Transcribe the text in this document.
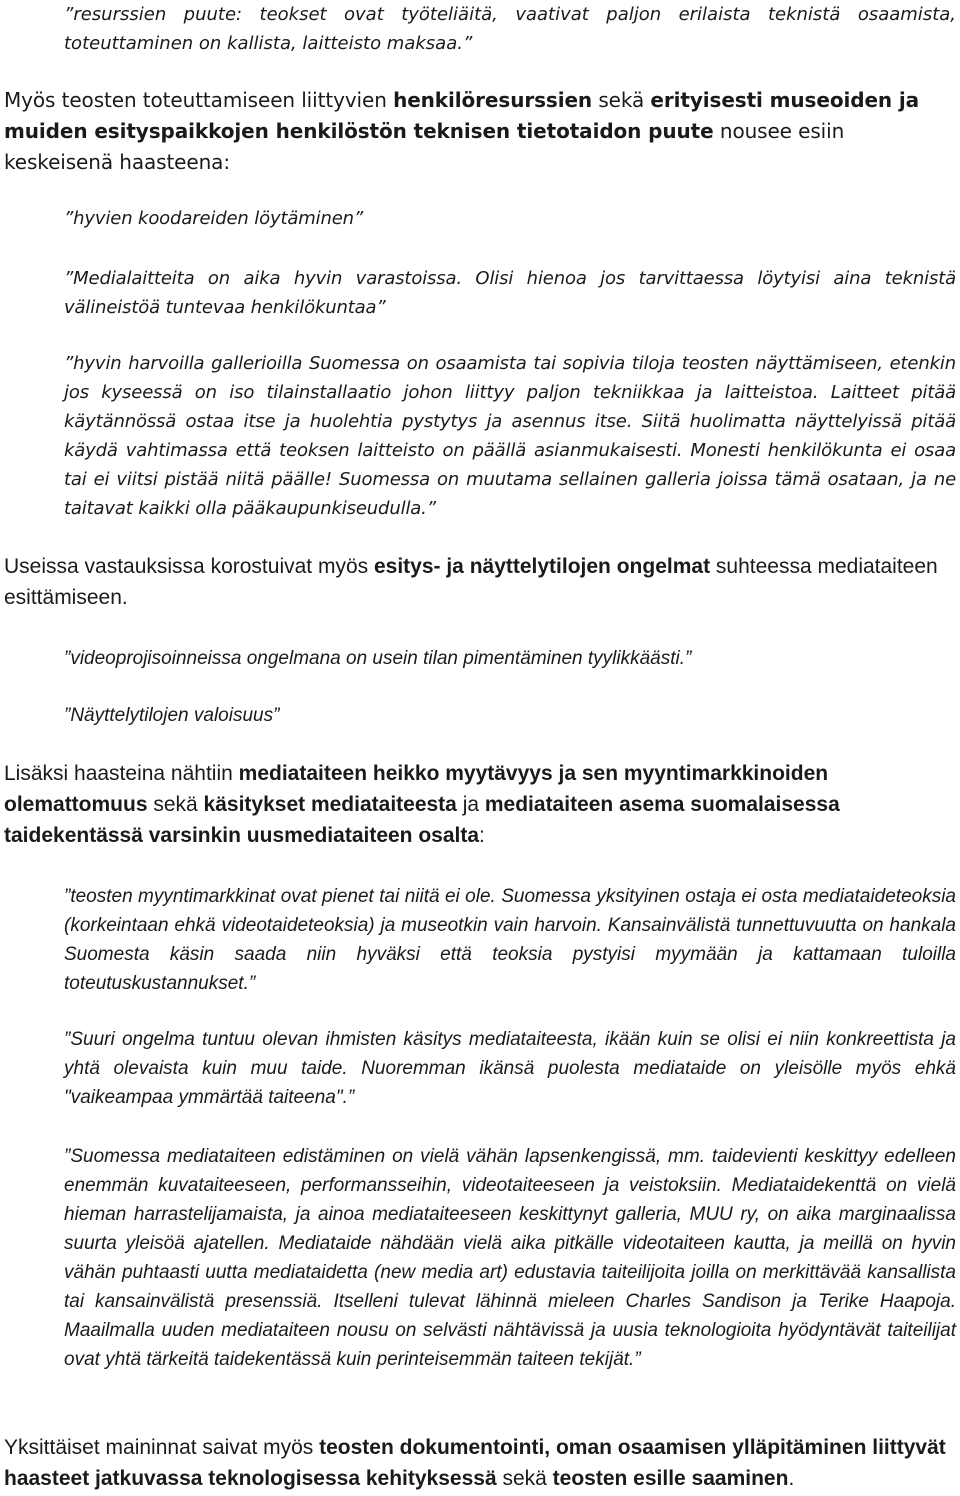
”resurssien puute: teokset ovat työteliäitä, vaativat paljon erilaista teknistä osaamista, toteuttaminen on kallista, laitteisto maksaa.”

Myös teosten toteuttamiseen liittyvien henkilöresurssien sekä erityisesti museoiden ja muiden esityspaikkojen henkilöstön teknisen tietotaidon puute nousee esiin keskeisenä haasteena:

”hyvien koodareiden löytäminen”

”Medialaitteita on aika hyvin varastoissa. Olisi hienoa jos tarvittaessa löytyisi aina teknistä välineistöä tuntevaa henkilökuntaa”

”hyvin harvoilla gallerioilla Suomessa on osaamista tai sopivia tiloja teosten näyttämiseen, etenkin jos kyseessä on iso tilainstallaatio johon liittyy paljon tekniikkaa ja laitteistoa. Laitteet pitää käytännössä ostaa itse ja huolehtia pystytys ja asennus itse. Siitä huolimatta näyttelyissä pitää käydä vahtimassa että teoksen laitteisto on päällä asianmukaisesti. Monesti henkilökunta ei osaa tai ei viitsi pistää niitä päälle! Suomessa on muutama sellainen galleria joissa tämä osataan, ja ne taitavat kaikki olla pääkaupunkiseudulla.”

Useissa vastauksissa korostuivat myös esitys- ja näyttelytilojen ongelmat suhteessa mediataiteen esittämiseen.

”videoprojisoinneissa ongelmana on usein tilan pimentäminen tyylikkäästi.”

”Näyttelytilojen valoisuus”

Lisäksi haasteina nähtiin mediataiteen heikko myytävyys ja sen myyntimarkkinoiden olemattomuus sekä käsitykset mediataiteesta ja mediataiteen asema suomalaisessa taidekentässä varsinkin uusmediataiteen osalta:

”teosten myyntimarkkinat ovat pienet tai niitä ei ole. Suomessa yksityinen ostaja ei osta mediataideteoksia (korkeintaan ehkä videotaideteoksia) ja museotkin vain harvoin. Kansainvälistä tunnettuvuutta on hankala Suomesta käsin saada niin hyväksi että teoksia pystyisi myymään ja kattamaan tuloilla toteutuskustannukset.”

”Suuri ongelma tuntuu olevan ihmisten käsitys mediataiteesta, ikään kuin se olisi ei niin konkreettista ja yhtä olevaista kuin muu taide. Nuoremman ikänsä puolesta mediataide on yleisölle myös ehkä "vaikeampaa ymmärtää taiteena".”

”Suomessa mediataiteen edistäminen on vielä vähän lapsenkengissä, mm. taidevienti keskittyy edelleen enemmän kuvataiteeseen, performansseihin, videotaiteeseen ja veistoksiin. Mediataidekenttä on vielä hieman harrastelijamaista, ja ainoa mediataiteeseen keskittynyt galleria, MUU ry, on aika marginaalissa suurta yleisöä ajatellen. Mediataide nähdään vielä aika pitkälle videotaiteen kautta, ja meillä on hyvin vähän puhtaasti uutta mediataidetta (new media art) edustavia taiteilijoita joilla on merkittävää kansallista tai kansainvälistä presenssiä. Itselleni tulevat lähinnä mieleen Charles Sandison ja Terike Haapoja. Maailmalla uuden mediataiteen nousu on selvästi nähtävissä ja uusia teknologioita hyödyntävät taiteilijat ovat yhtä tärkeitä taidekentässä kuin perinteisemmän taiteen tekijät.”

Yksittäiset maininnat saivat myös teosten dokumentointi, oman osaamisen ylläpitäminen liittyvät haasteet jatkuvassa teknologisessa kehityksessä sekä teosten esille saaminen.
